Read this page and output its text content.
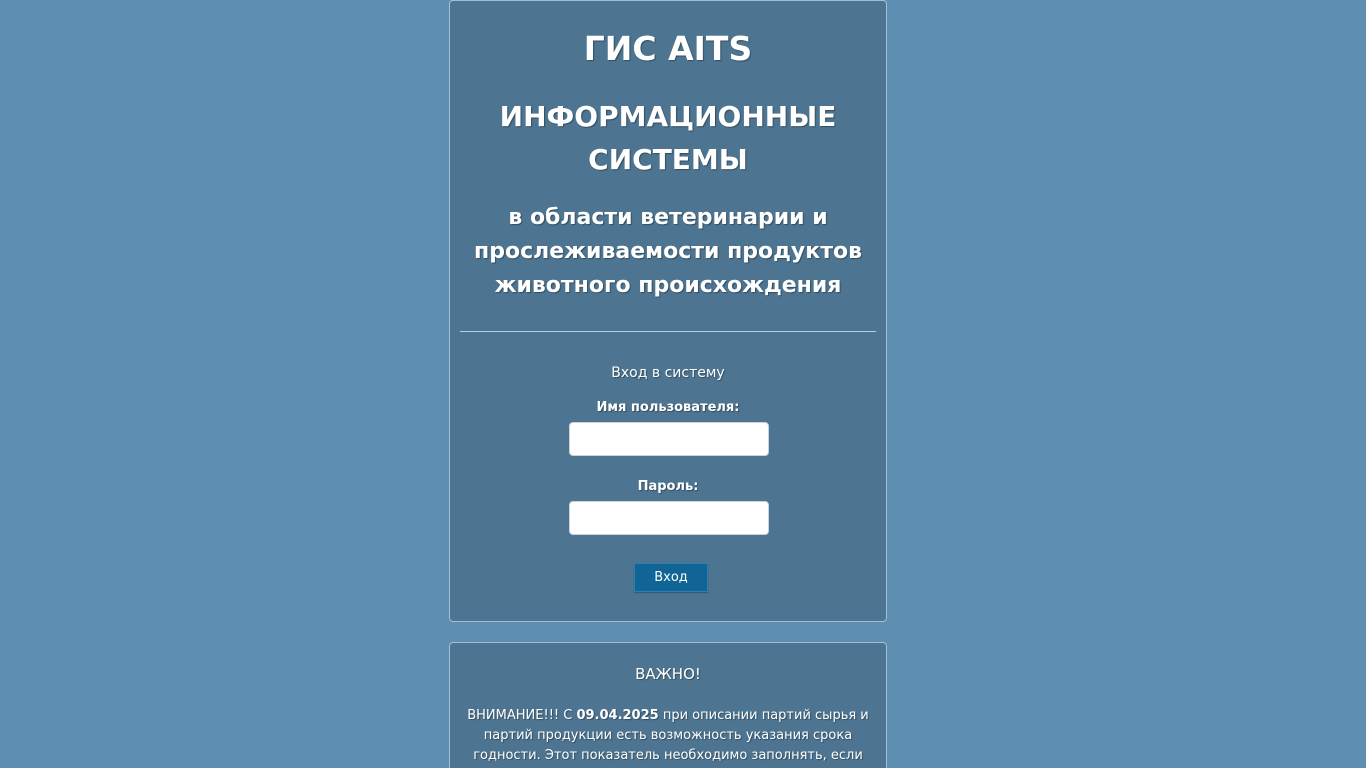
ГИС AITS
ИНФОРМАЦИОННЫЕ
СИСТЕМЫ
в области ветеринарии и
прослеживаемости продуктов
животного происхождения
Вход в систему
Имя пользователя:
Пароль:
Вход
ВАЖНО!
ВНИМАНИЕ!!! С 09.04.2025 при описании партий сырья и партий продукции есть возможность указания срока годности. Этот показатель необходимо заполнять, если
